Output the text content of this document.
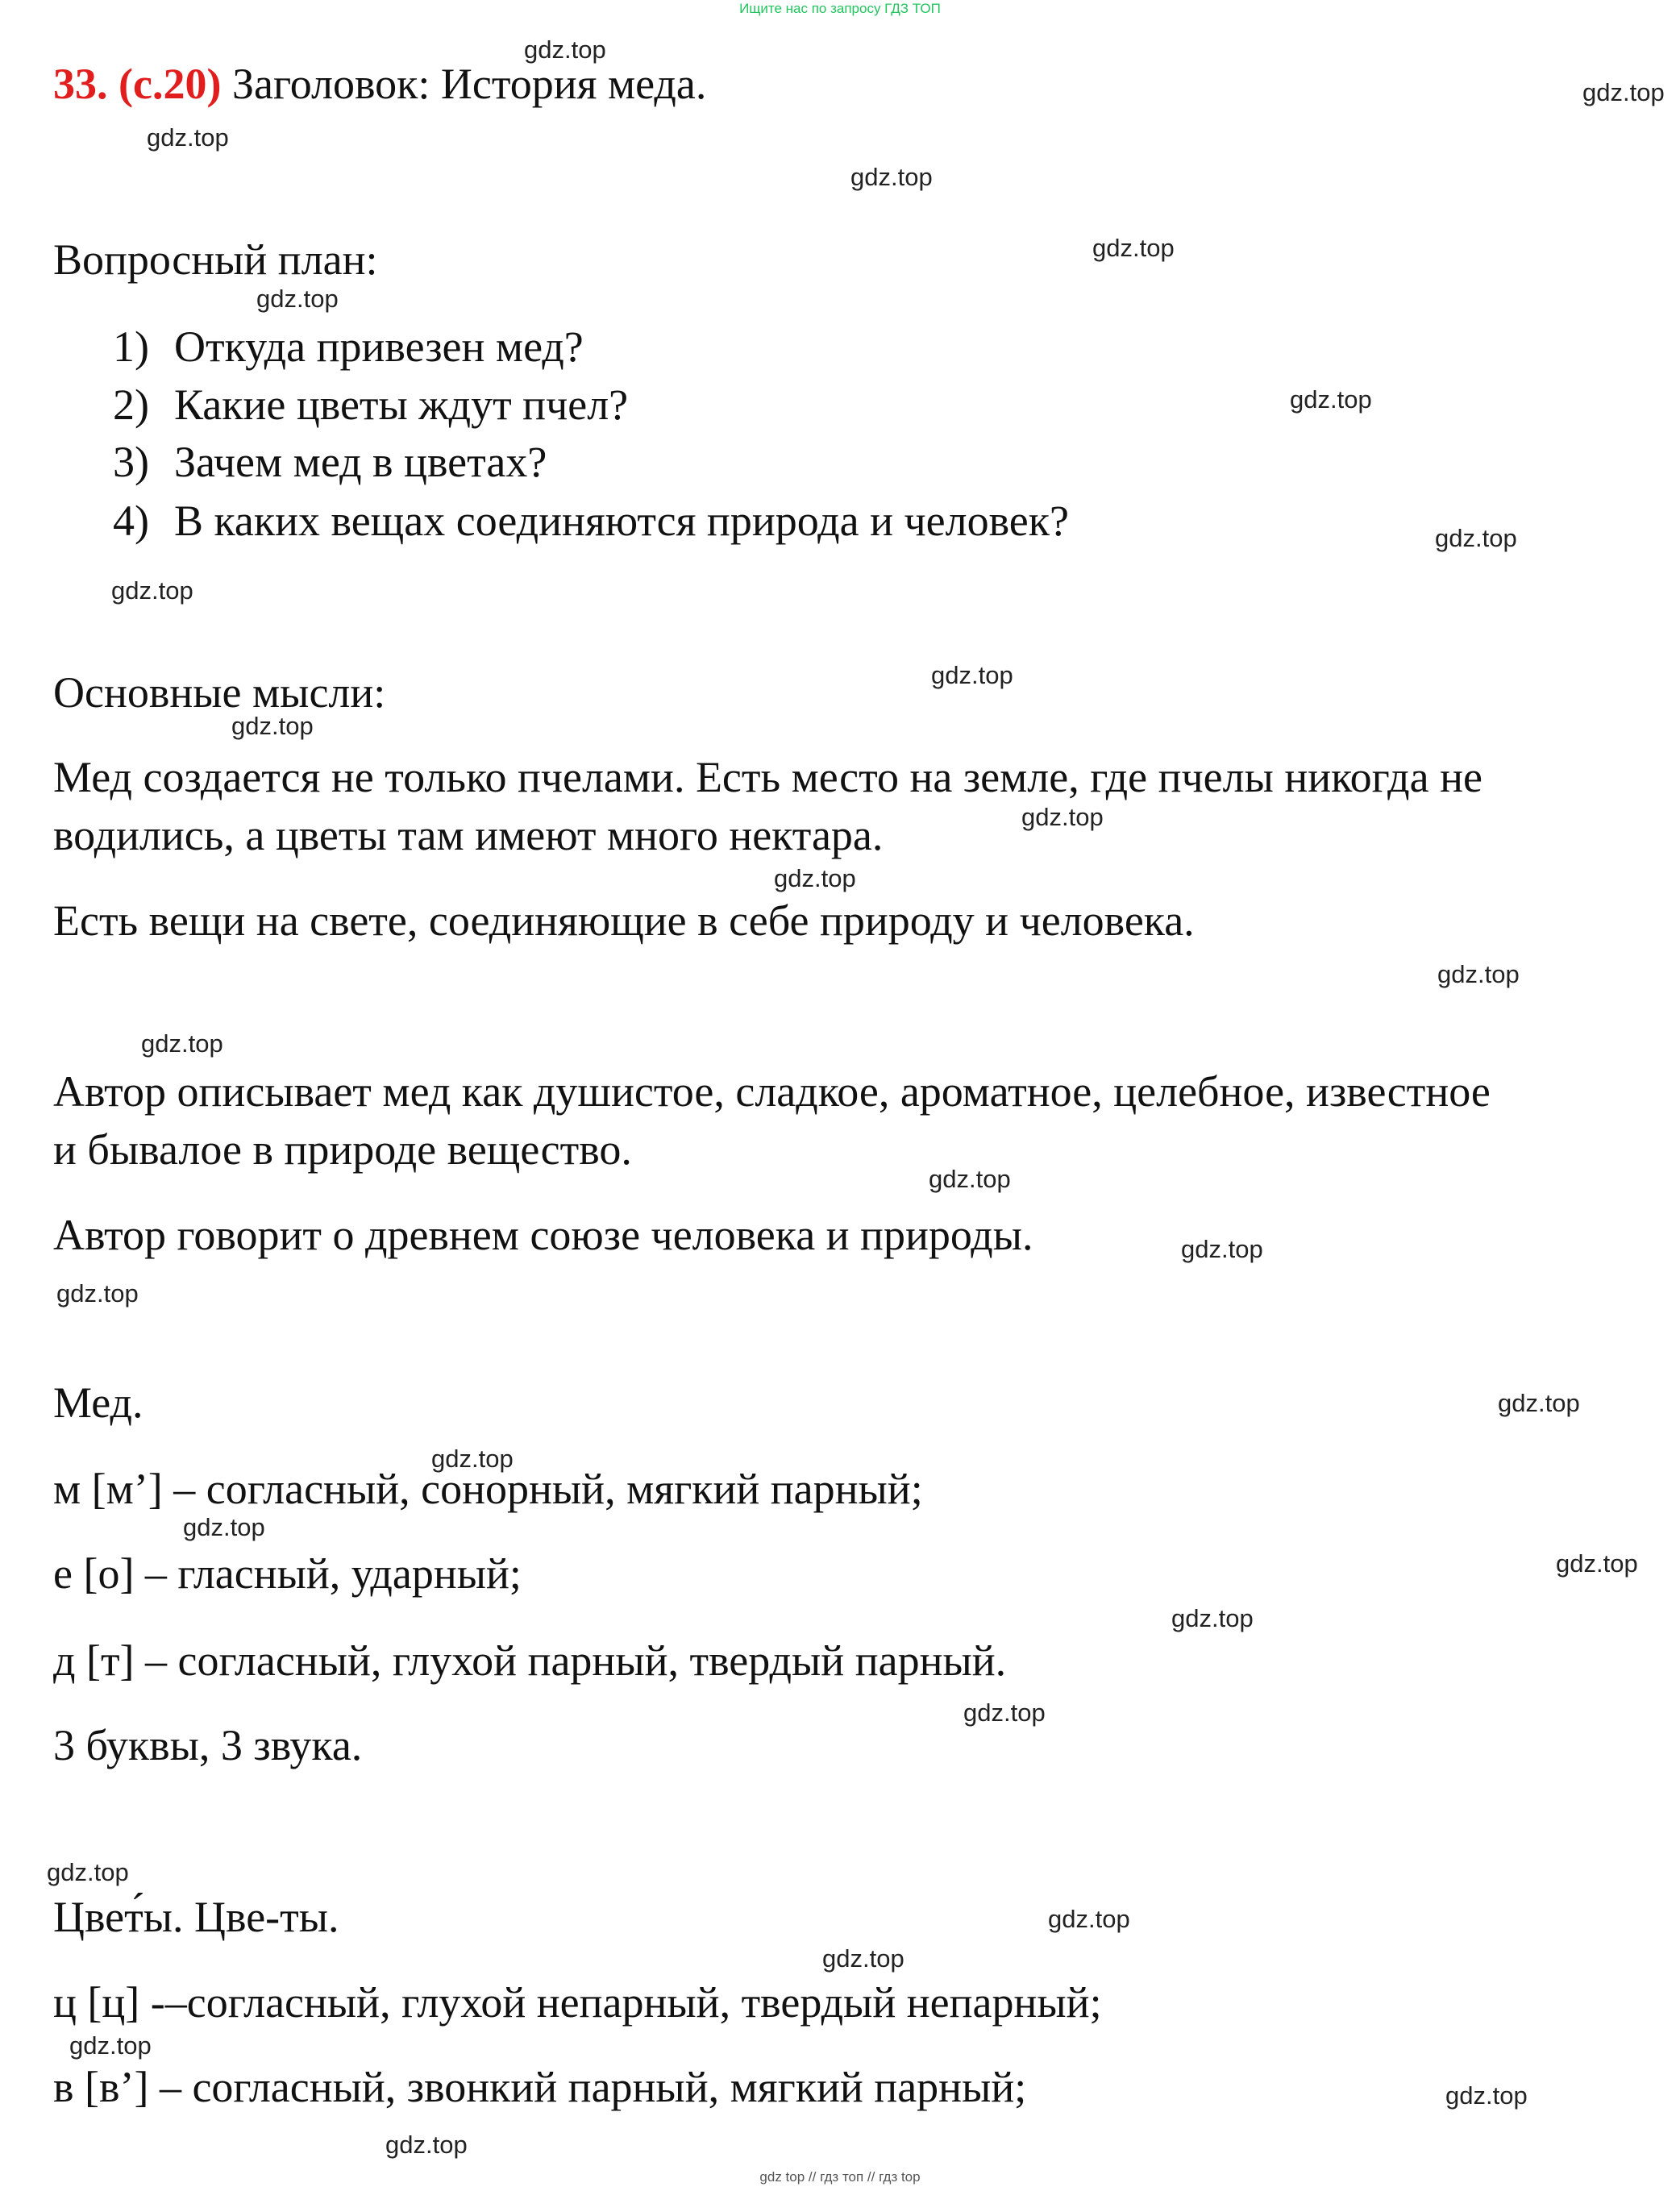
Ищите нас по запросу ГДЗ ТОП
33. (с.20) Заголовок: История меда.
Вопросный план:
1) Откуда привезен мед?
2) Какие цветы ждут пчел?
3) Зачем мед в цветах?
4) В каких вещах соединяются природа и человек?
Основные мысли:
Мед создается не только пчелами. Есть место на земле, где пчелы никогда не
водились, а цветы там имеют много нектара.
Есть вещи на свете, соединяющие в себе природу и человека.
Автор описывает мед как душистое, сладкое, ароматное, целебное, известное
и бывалое в природе вещество.
Автор говорит о древнем союзе человека и природы.
Мед.
м [м’] – согласный, сонорный, мягкий парный;
е [о] – гласный, ударный;
д [т] – согласный, глухой парный, твердый парный.
3 буквы, 3 звука.
Цвет́ы. Цве-ты.
ц [ц] -–согласный, глухой непарный, твердый непарный;
в [в’] – согласный, звонкий парный, мягкий парный;
gdz.top
gdz.top
gdz.top
gdz.top
gdz.top
gdz.top
gdz.top
gdz.top
gdz.top
gdz.top
gdz.top
gdz.top
gdz.top
gdz.top
gdz.top
gdz.top
gdz.top
gdz.top
gdz.top
gdz.top
gdz.top
gdz.top
gdz.top
gdz.top
gdz.top
gdz.top
gdz.top
gdz.top
gdz.top
gdz.top
gdz top // гдз топ // гдз top
